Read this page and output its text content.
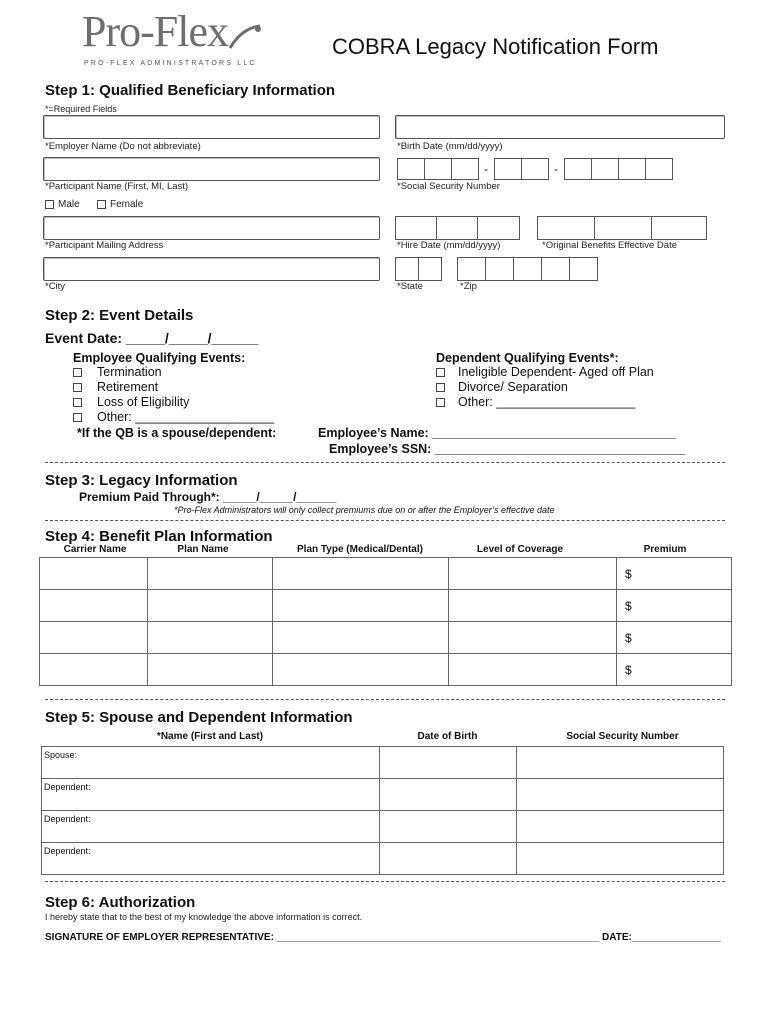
Pro-Flex
PRO-FLEX ADMINISTRATORS LLC
COBRA Legacy Notification Form
Step 1: Qualified Beneficiary Information
*=Required Fields
*Employer Name (Do not abbreviate)	*Birth Date (mm/dd/yyyy)
-	-
*Participant Name (First, MI, Last)	*Social Security Number
Male	Female
*Participant Mailing Address	*Hire Date (mm/dd/yyyy)	*Original Benefits Effective Date
*City	*State	*Zip
Step 2: Event Details
Event Date: _____/_____/______
Employee Qualifying Events:
Termination
Retirement
Loss of Eligibility
Other: ____________________
Dependent Qualifying Events*:
Ineligible Dependent- Aged off Plan
Divorce/ Separation
Other: ____________________
*If the QB is a spouse/dependent:	Employee’s Name: ___________________________________
Employee’s SSN: ____________________________________
Step 3: Legacy Information
Premium Paid Through*: _____/_____/______
*Pro-Flex Administrators will only collect premiums due on or after the Employer’s effective date
Step 4: Benefit Plan Information
Carrier Name	Plan Name	Plan Type (Medical/Dental)	Level of Coverage	Premium
				$
				$
				$
				$
Step 5: Spouse and Dependent Information
*Name (First and Last)	Date of Birth	Social Security Number
Spouse:		
Dependent:		
Dependent:		
Dependent:		
Step 6: Authorization
I hereby state that to the best of my knowledge the above information is correct.
SIGNATURE OF EMPLOYER REPRESENTATIVE: __________________________________________________________ DATE:________________
